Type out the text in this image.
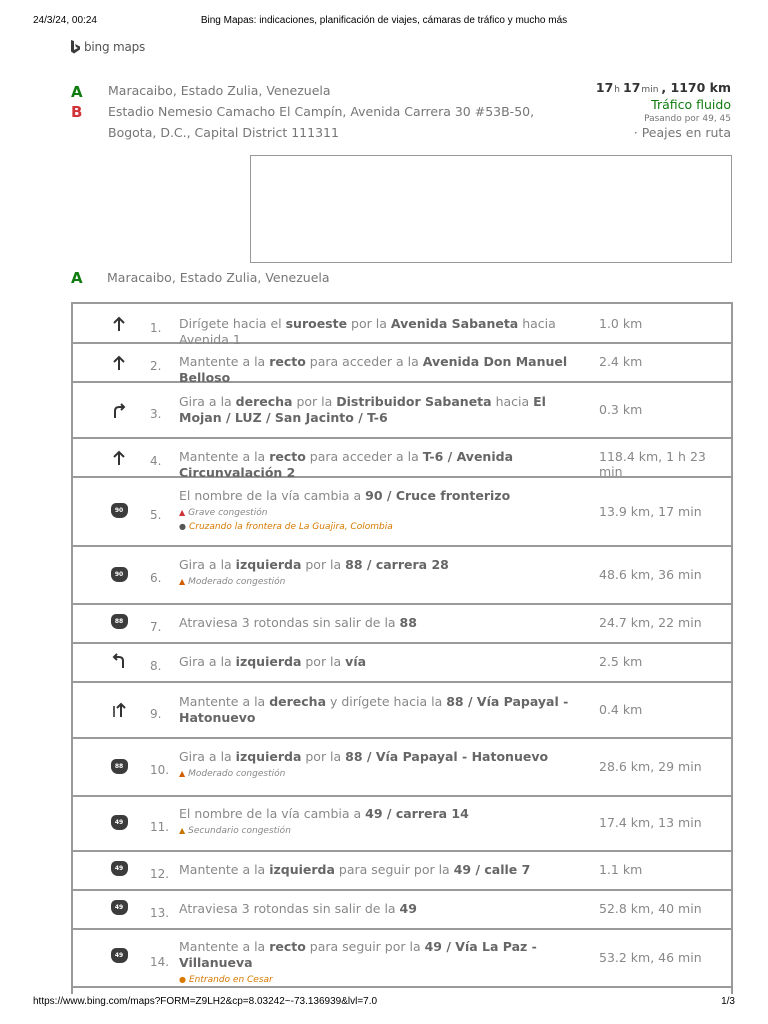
24/3/24, 00:24	Bing Mapas: indicaciones, planificación de viajes, cámaras de tráfico y mucho más
bing maps
A
B
Maracaibo, Estado Zulia, Venezuela
Estadio Nemesio Camacho El Campín, Avenida Carrera 30 #53B-50,
Bogota, D.C., Capital District 111311
17h 17min , 1170 km
Tráfico fluido
Pasando por 49, 45
· Peajes en ruta
A Maracaibo, Estado Zulia, Venezuela
1. Dirígete hacia el suroeste por la Avenida Sabaneta hacia Avenida 1
1.0 km
2. Mantente a la recto para acceder a la Avenida Don Manuel Belloso
2.4 km
3.
Gira a la derecha por la Distribuidor Sabaneta hacia El Mojan / LUZ / San Jacinto / T-6
0.3 km
4. Mantente a la recto para acceder a la T-6 / Avenida Circunvalación 2
118.4 km, 1 h 23 min
90	5.
El nombre de la vía cambia a 90 / Cruce fronterizo
▲ Grave congestión
● Cruzando la frontera de La Guajira, Colombia
13.9 km, 17 min
90	6.
Gira a la izquierda por la 88 / carrera 28
▲ Moderado congestión	48.6 km, 36 min
88	7. Atraviesa 3 rotondas sin salir de la 88	24.7 km, 22 min
8. Gira a la izquierda por la vía	2.5 km
9.
Mantente a la derecha y dirígete hacia la 88 / Vía Papayal - Hatonuevo
0.4 km
88	10.
Gira a la izquierda por la 88 / Vía Papayal - Hatonuevo
▲ Moderado congestión	28.6 km, 29 min
49	11.
El nombre de la vía cambia a 49 / carrera 14
▲ Secundario congestión
17.4 km, 13 min
49	12. Mantente a la izquierda para seguir por la 49 / calle 7	1.1 km
49	13. Atraviesa 3 rotondas sin salir de la 49	52.8 km, 40 min
49	14.
Mantente a la recto para seguir por la 49 / Vía La Paz - Villanueva
● Entrando en Cesar
53.2 km, 46 min
https://www.bing.com/maps?FORM=Z9LH2&cp=8.03242~-73.136939&lvl=7.0	1/3
